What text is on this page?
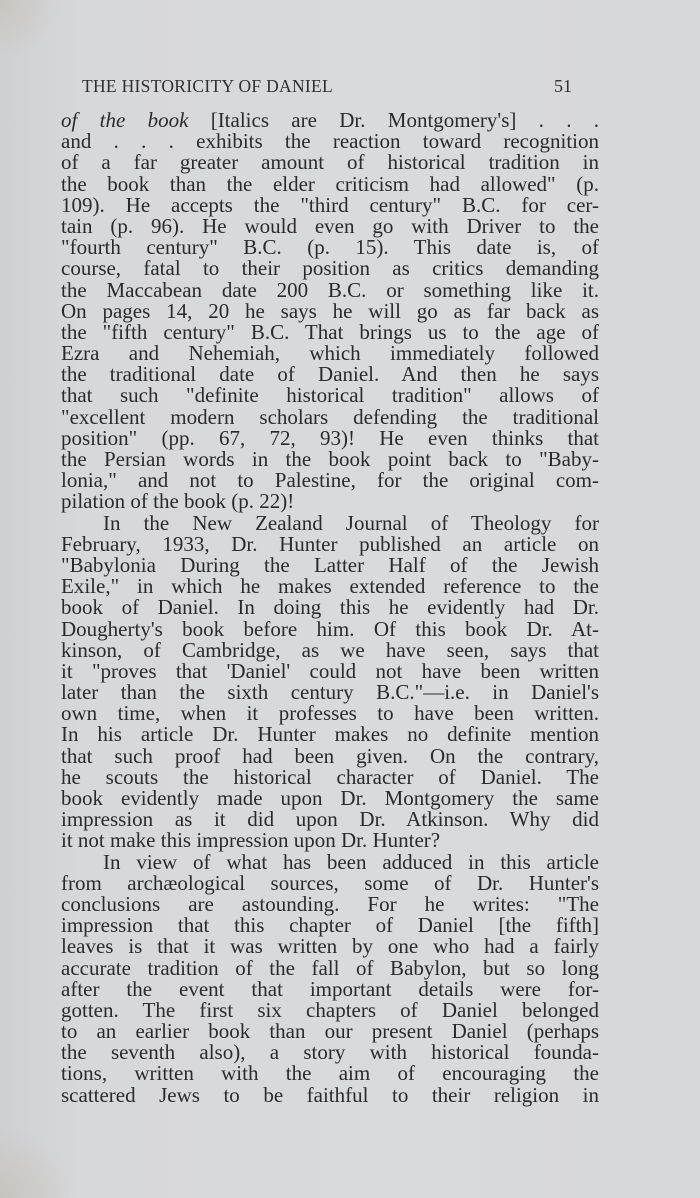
THE HISTORICITY OF DANIEL	51
of the book [Italics are Dr. Montgomery's] . . .
and . . . exhibits the reaction toward recognition
of a far greater amount of historical tradition in
the book than the elder criticism had allowed" (p.
109). He accepts the "third century" B.C. for cer-
tain (p. 96). He would even go with Driver to the
"fourth century" B.C. (p. 15). This date is, of
course, fatal to their position as critics demanding
the Maccabean date 200 B.C. or something like it.
On pages 14, 20 he says he will go as far back as
the "fifth century" B.C. That brings us to the age of
Ezra and Nehemiah, which immediately followed
the traditional date of Daniel. And then he says
that such "definite historical tradition" allows of
"excellent modern scholars defending the traditional
position" (pp. 67, 72, 93)! He even thinks that
the Persian words in the book point back to "Baby-
lonia," and not to Palestine, for the original com-
pilation of the book (p. 22)!
In the New Zealand Journal of Theology for
February, 1933, Dr. Hunter published an article on
"Babylonia During the Latter Half of the Jewish
Exile," in which he makes extended reference to the
book of Daniel. In doing this he evidently had Dr.
Dougherty's book before him. Of this book Dr. At-
kinson, of Cambridge, as we have seen, says that
it "proves that 'Daniel' could not have been written
later than the sixth century B.C."—i.e. in Daniel's
own time, when it professes to have been written.
In his article Dr. Hunter makes no definite mention
that such proof had been given. On the contrary,
he scouts the historical character of Daniel. The
book evidently made upon Dr. Montgomery the same
impression as it did upon Dr. Atkinson. Why did
it not make this impression upon Dr. Hunter?
In view of what has been adduced in this article
from archæological sources, some of Dr. Hunter's
conclusions are astounding. For he writes: "The
impression that this chapter of Daniel [the fifth]
leaves is that it was written by one who had a fairly
accurate tradition of the fall of Babylon, but so long
after the event that important details were for-
gotten. The first six chapters of Daniel belonged
to an earlier book than our present Daniel (perhaps
the seventh also), a story with historical founda-
tions, written with the aim of encouraging the
scattered Jews to be faithful to their religion in
